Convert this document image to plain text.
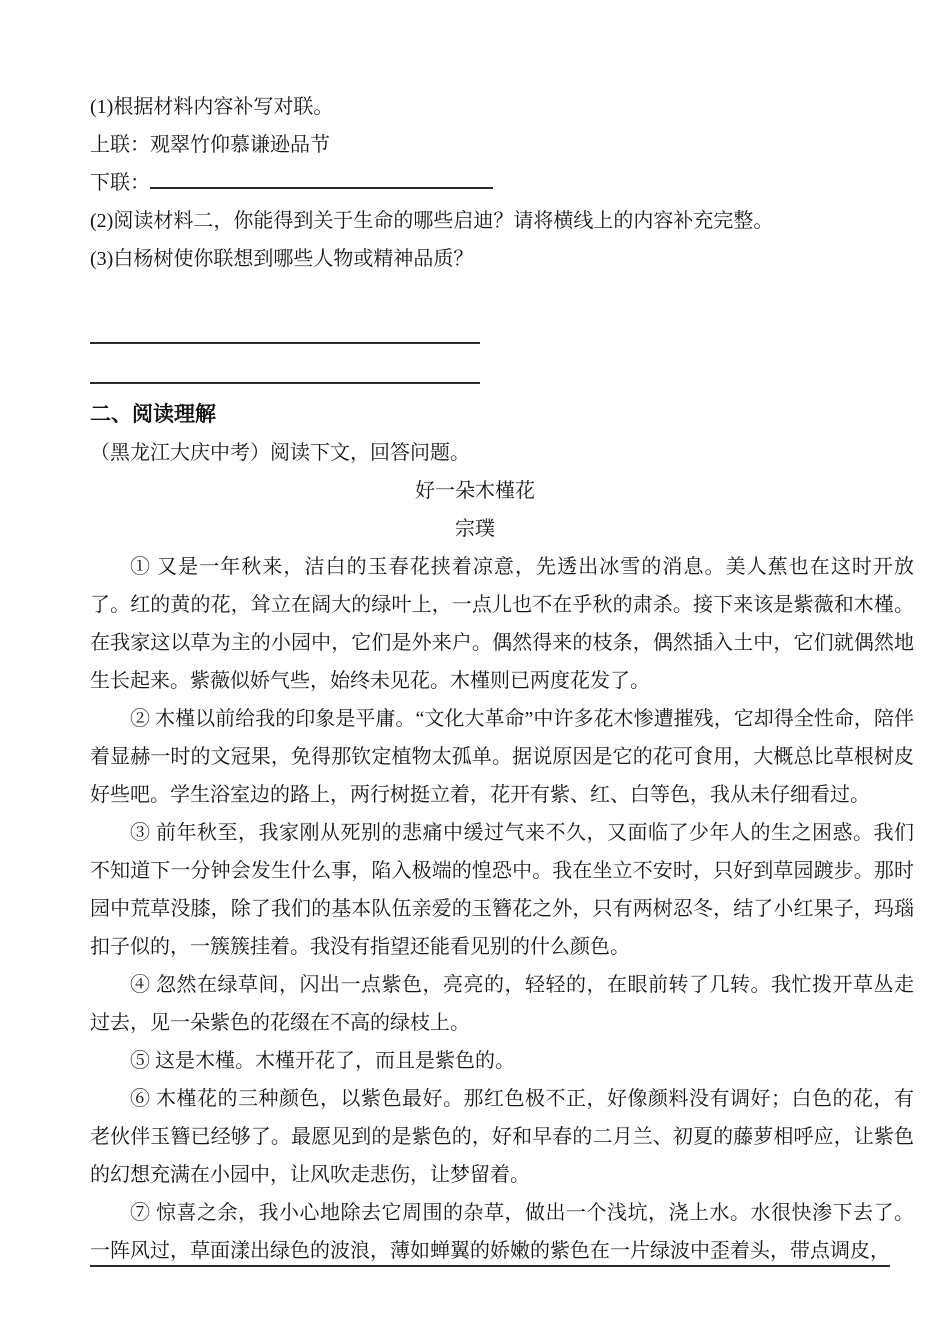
(1)根据材料内容补写对联。
上联：观翠竹仰慕谦逊品节
下联：
(2)阅读材料二，你能得到关于生命的哪些启迪？请将横线上的内容补充完整。
(3)白杨树使你联想到哪些人物或精神品质？
二、阅读理解
（黑龙江大庆中考）阅读下文，回答问题。
好一朵木槿花
宗璞

① 又是一年秋来，洁白的玉春花挟着凉意，先透出冰雪的消息。美人蕉也在这时开放了。红的黄的花，耸立在阔大的绿叶上，一点儿也不在乎秋的肃杀。接下来该是紫薇和木槿。在我家这以草为主的小园中，它们是外来户。偶然得来的枝条，偶然插入土中，它们就偶然地生长起来。紫薇似娇气些，始终未见花。木槿则已两度花发了。

② 木槿以前给我的印象是平庸。“文化大革命”中许多花木惨遭摧残，它却得全性命，陪伴着显赫一时的文冠果，免得那钦定植物太孤单。据说原因是它的花可食用，大概总比草根树皮好些吧。学生浴室边的路上，两行树挺立着，花开有紫、红、白等色，我从未仔细看过。

③ 前年秋至，我家刚从死别的悲痛中缓过气来不久，又面临了少年人的生之困惑。我们不知道下一分钟会发生什么事，陷入极端的惶恐中。我在坐立不安时，只好到草园踱步。那时园中荒草没膝，除了我们的基本队伍亲爱的玉簪花之外，只有两树忍冬，结了小红果子，玛瑙扣子似的，一簇簇挂着。我没有指望还能看见别的什么颜色。

④ 忽然在绿草间，闪出一点紫色，亮亮的，轻轻的，在眼前转了几转。我忙拨开草丛走过去，见一朵紫色的花缀在不高的绿枝上。

⑤ 这是木槿。木槿开花了，而且是紫色的。

⑥ 木槿花的三种颜色，以紫色最好。那红色极不正，好像颜料没有调好；白色的花，有老伙伴玉簪已经够了。最愿见到的是紫色的，好和早春的二月兰、初夏的藤萝相呼应，让紫色的幻想充满在小园中，让风吹走悲伤，让梦留着。

⑦ 惊喜之余，我小心地除去它周围的杂草，做出一个浅坑，浇上水。水很快渗下去了。一阵风过，草面漾出绿色的波浪，薄如蝉翼的娇嫩的紫色在一片绿波中歪着头，带点调皮，
